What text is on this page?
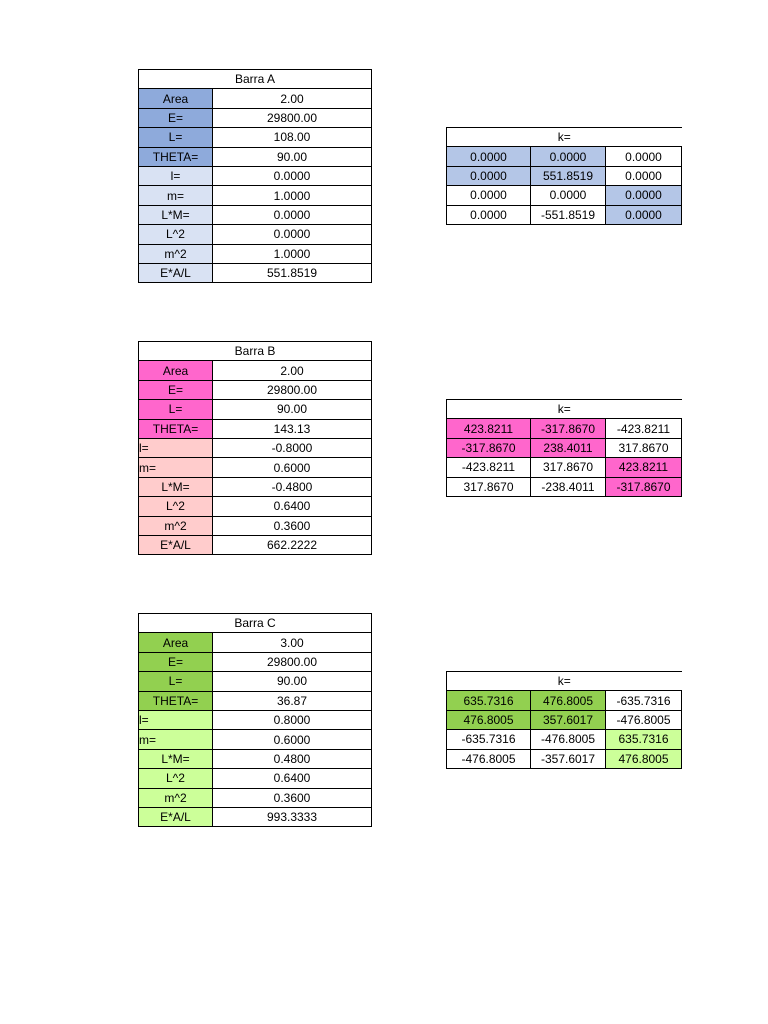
Barra A	
Area	2.00
E=	29800.00
L=	108.00
THETA=	90.00
l=	0.0000
m=	1.0000
L*M=	0.0000
L^2	0.0000
m^2	1.0000
E*A/L	551.8519
k=		
0.0000	0.0000	0.0000
0.0000	551.8519	0.0000
0.0000	0.0000	0.0000
0.0000	-551.8519	0.0000
Barra B	
Area	2.00
E=	29800.00
L=	90.00
THETA=	143.13
l=	-0.8000
m=	0.6000
L*M=	-0.4800
L^2	0.6400
m^2	0.3600
E*A/L	662.2222
k=		
423.8211	-317.8670	-423.8211
-317.8670	238.4011	317.8670
-423.8211	317.8670	423.8211
317.8670	-238.4011	-317.8670
Barra C	
Area	3.00
E=	29800.00
L=	90.00
THETA=	36.87
l=	0.8000
m=	0.6000
L*M=	0.4800
L^2	0.6400
m^2	0.3600
E*A/L	993.3333
k=		
635.7316	476.8005	-635.7316
476.8005	357.6017	-476.8005
-635.7316	-476.8005	635.7316
-476.8005	-357.6017	476.8005
